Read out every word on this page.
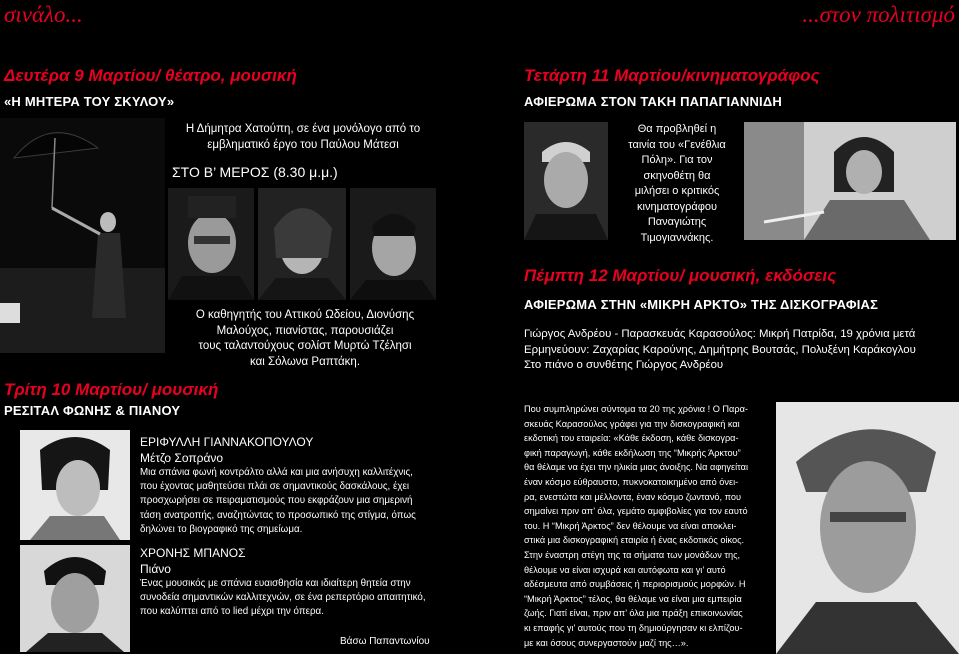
σινάλο...	...στον πολιτισμό
Δευτέρα 9 Μαρτίου/ θέατρο, μουσική
«Η ΜΗΤΕΡΑ ΤΟΥ ΣΚΥΛΟΥ»
Η Δήμητρα Χατούπη, σε ένα μονόλογο από το
εμβληματικό έργο του Παύλου Μάτεσι
ΣΤΟ Β’ ΜΕΡΟΣ (8.30 μ.μ.)
Ο καθηγητής του Αττικού Ωδείου, Διονύσης
Μαλούχος, πιανίστας, παρουσιάζει
τους ταλαντούχους σολίστ Μυρτώ Τζέλησι
και Σόλωνα Ραπτάκη.
Τρίτη 10 Μαρτίου/ μουσική
ΡΕΣΙΤΑΛ ΦΩΝΗΣ & ΠΙΑΝΟΥ
ΕΡΙΦΥΛΛΗ ΓΙΑΝΝΑΚΟΠΟΥΛΟΥ
Μέτζο Σοπράνο
Μια σπάνια φωνή κοντράλτο αλλά και μια ανήσυχη καλλιτέχνις,
που έχοντας μαθητεύσει πλάι σε σημαντικούς δασκάλους, έχει
προσχωρήσει σε πειραματισμούς που εκφράζουν μια σημερινή
τάση ανατροπής, αναζητώντας το προσωπικό της στίγμα, όπως
δηλώνει το βιογραφικό της σημείωμα.
ΧΡΟΝΗΣ ΜΠΑΝΟΣ
Πιάνο
Ένας μουσικός με σπάνια ευαισθησία και ιδιαίτερη θητεία στην
συνοδεία σημαντικών καλλιτεχνών, σε ένα ρεπερτόριο απαιτητικό,
που καλύπτει από το lied μέχρι την όπερα.
Βάσω Παπαντωνίου
Τετάρτη 11 Μαρτίου/κινηματογράφος
ΑΦΙΕΡΩΜΑ ΣΤΟΝ ΤΑΚΗ ΠΑΠΑΓΙΑΝΝΙΔΗ
Θα προβληθεί η
ταινία του «Γενέθλια
Πόλη». Για τον
σκηνοθέτη θα
μιλήσει ο κριτικός
κινηματογράφου
Παναγιώτης
Τιμογιαννάκης.
Πέμπτη 12 Μαρτίου/ μουσική, εκδόσεις
ΑΦΙΕΡΩΜΑ ΣΤΗΝ «ΜΙΚΡΗ ΑΡΚΤΟ» ΤΗΣ ΔΙΣΚΟΓΡΑΦΙΑΣ
Γιώργος Ανδρέου - Παρασκευάς Καρασούλος: Μικρή Πατρίδα, 19 χρόνια μετά
Ερμηνεύουν: Ζαχαρίας Καρούνης, Δημήτρης Βουτσάς, Πολυξένη Καράκογλου
Στο πιάνο ο συνθέτης Γιώργος Ανδρέου
Που συμπληρώνει σύντομα τα 20 της χρόνια ! Ο Παρα-
σκευάς Καρασούλος γράφει για την δισκογραφική και
εκδοτική του εταιρεία: «Κάθε έκδοση, κάθε δισκογρα-
φική παραγωγή, κάθε εκδήλωση της “Μικρής Άρκτου”
θα θέλαμε να έχει την ηλικία μιας άνοιξης. Να αφηγείται
έναν κόσμο εύθραυστο, πυκνοκατοικημένο από όνει-
ρα, ενεστώτα και μέλλοντα, έναν κόσμο ζωντανό, που
σημαίνει πριν απ’ όλα, γεμάτο αμφιβολίες για τον εαυτό
του. Η “Μικρή Άρκτος” δεν θέλουμε να είναι αποκλει-
στικά μια δισκογραφική εταιρία ή ένας εκδοτικός οίκος.
Στην έναστρη στέγη της τα σήματα των μονάδων της,
θέλουμε να είναι ισχυρά και αυτόφωτα και γι’ αυτό
αδέσμευτα από συμβάσεις ή περιορισμούς μορφών. Η
“Μικρή Άρκτος” τέλος, θα θέλαμε να είναι μια εμπειρία
ζωής. Γιατί είναι, πριν απ’ όλα μια πράξη επικοινωνίας
κι επαφής γι’ αυτούς που τη δημιούργησαν κι ελπίζου-
με και όσους συνεργαστούν μαζί της…».
